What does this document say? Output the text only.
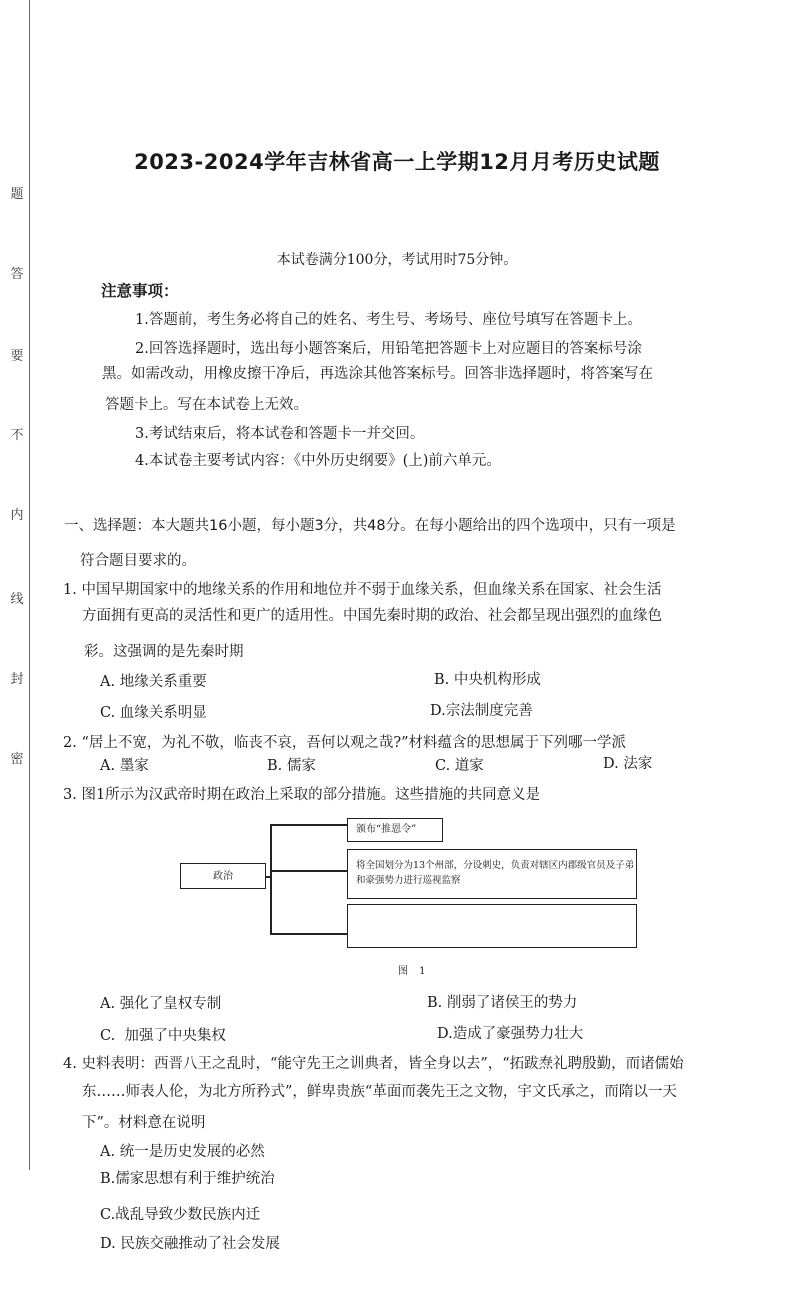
题
答
要
不
内
线
封
密
2023-2024学年吉林省高一上学期12月月考历史试题
本试卷满分100分，考试用时75分钟。
注意事项：
1.答题前，考生务必将自己的姓名、考生号、考场号、座位号填写在答题卡上。
2.回答选择题时，选出每小题答案后，用铅笔把答题卡上对应题目的答案标号涂
黑。如需改动，用橡皮擦干净后，再选涂其他答案标号。回答非选择题时，将答案写在
答题卡上。写在本试卷上无效。
3.考试结束后，将本试卷和答题卡一并交回。
4.本试卷主要考试内容：《中外历史纲要》(上)前六单元。
一、选择题：本大题共16小题，每小题3分，共48分。在每小题给出的四个选项中，只有一项是
符合题目要求的。
1. 中国早期国家中的地缘关系的作用和地位并不弱于血缘关系，但血缘关系在国家、社会生活
方面拥有更高的灵活性和更广的适用性。中国先秦时期的政治、社会都呈现出强烈的血缘色
彩。这强调的是先秦时期
A. 地缘关系重要	B. 中央机构形成
C. 血缘关系明显	D.宗法制度完善
2. “居上不宽，为礼不敬，临丧不哀，吾何以观之哉?”材料蕴含的思想属于下列哪一学派
A. 墨家	B. 儒家	C. 道家	D. 法家
3. 图1所示为汉武帝时期在政治上采取的部分措施。这些措施的共同意义是
政治
颁布“推恩令”
将全国划分为13个州部，分设刺史，负责对辖区内郡级官员及子弟和豪强势力进行巡视监察
图 1
A. 强化了皇权专制	B. 削弱了诸侯王的势力
C.  加强了中央集权	D.造成了豪强势力壮大
4. 史料表明：西晋八王之乱时，“能守先王之训典者，皆全身以去”，“拓跋焘礼聘殷勤，而诸儒始
东……师表人伦，为北方所矜式”，鲜卑贵族“革面而袭先王之文物，宇文氏承之，而隋以一天
下”。材料意在说明
A. 统一是历史发展的必然
B.儒家思想有利于维护统治
C.战乱导致少数民族内迁
D. 民族交融推动了社会发展
